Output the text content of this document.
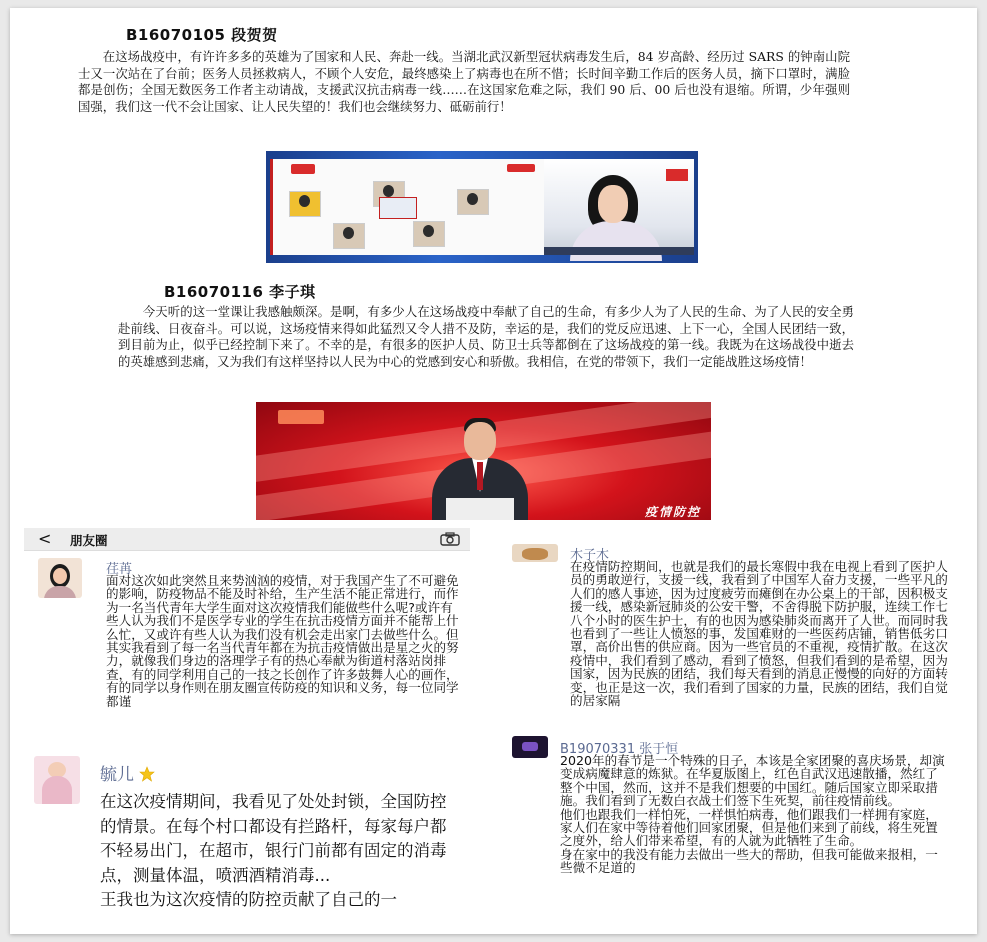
B16070105 段贺贺

在这场战疫中，有许许多多的英雄为了国家和人民、奔赴一线。当湖北武汉新型冠状病毒发生后，84 岁高龄、经历过 SARS 的钟南山院士又一次站在了台前；医务人员拯救病人，不顾个人安危，最终感染上了病毒也在所不惜；长时间辛勤工作后的医务人员，摘下口罩时，满脸都是创伤；全国无数医务工作者主动请战，支援武汉抗击病毒一线……在这国家危难之际，我们 90 后、00 后也没有退缩。所谓，少年强则国强，我们这一代不会让国家、让人民失望的！我们也会继续努力、砥砺前行！

B16070116 李子琪

今天听的这一堂课让我感触颇深。是啊，有多少人在这场战疫中奉献了自己的生命，有多少人为了人民的生命、为了人民的安全勇赴前线、日夜奋斗。可以说，这场疫情来得如此猛烈又令人措不及防，幸运的是，我们的党反应迅速、上下一心，全国人民团结一致，到目前为止，似乎已经控制下来了。不幸的是，有很多的医护人员、防卫士兵等都倒在了这场战疫的第一线。我既为在这场战役中逝去的英雄感到悲痛，又为我们有这样坚持以人民为中心的党感到安心和骄傲。我相信，在党的带领下，我们一定能战胜这场疫情！

疫情防控
< 朋友圈
荏苒

面对这次如此突然且来势汹汹的疫情，对于我国产生了不可避免的影响，防疫物品不能及时补给，生产生活不能正常进行，而作为一名当代青年大学生面对这次疫情我们能做些什么呢?或许有些人认为我们不是医学专业的学生在抗击疫情方面并不能帮上什么忙，又或许有些人认为我们没有机会走出家门去做些什么。但其实我看到了每一名当代青年都在为抗击疫情做出是星之火的努力，就像我们身边的洛理学子有的热心奉献为街道村落站岗排查，有的同学利用自己的一技之长创作了许多鼓舞人心的画作，有的同学以身作则在朋友圈宣传防疫的知识和义务，每一位同学都谨

木子木

在疫情防控期间，也就是我们的最长寒假中我在电视上看到了医护人员的勇敢逆行，支援一线，我看到了中国军人奋力支援，一些平凡的人们的感人事迹，因为过度疲劳而瘫倒在办公桌上的干部，因积极支援一线，感染新冠肺炎的公安干警，不舍得脱下防护服，连续工作七八个小时的医生护士，有的也因为感染肺炎而离开了人世。而同时我也看到了一些让人愤怒的事，发国难财的一些医药店铺，销售低劣口罩，高价出售的供应商。因为一些官员的不重视，疫情扩散。在这次疫情中，我们看到了感动，看到了愤怒，但我们看到的是希望，因为国家，因为民族的团结，我们每天看到的消息正慢慢的向好的方面转变，也正是这一次，我们看到了国家的力量，民族的团结，我们自觉的居家隔

毓儿

在这次疫情期间，我看见了处处封锁，全国防控的情景。在每个村口都设有拦路杆，每家每户都不轻易出门，在超市，银行门前都有固定的消毒点，测量体温，喷洒酒精消毒...
王我也为这次疫情的防控贡献了自己的一

B19070331 张于恒

2020年的春节是一个特殊的日子，本该是全家团聚的喜庆场景，却演变成病魔肆意的炼狱。在华夏版图上，红色自武汉迅速散播，然红了整个中国，然而，这并不是我们想要的中国红。随后国家立即采取措施。我们看到了无数白衣战士们签下生死契，前往疫情前线。
他们也跟我们一样怕死，一样惧怕病毒，他们跟我们一样拥有家庭，家人们在家中等待着他们回家团聚，但是他们来到了前线，将生死置之度外，给人们带来希望，有的人就为此牺牲了生命。
身在家中的我没有能力去做出一些大的帮助，但我可能做来报相，一些微不足道的
